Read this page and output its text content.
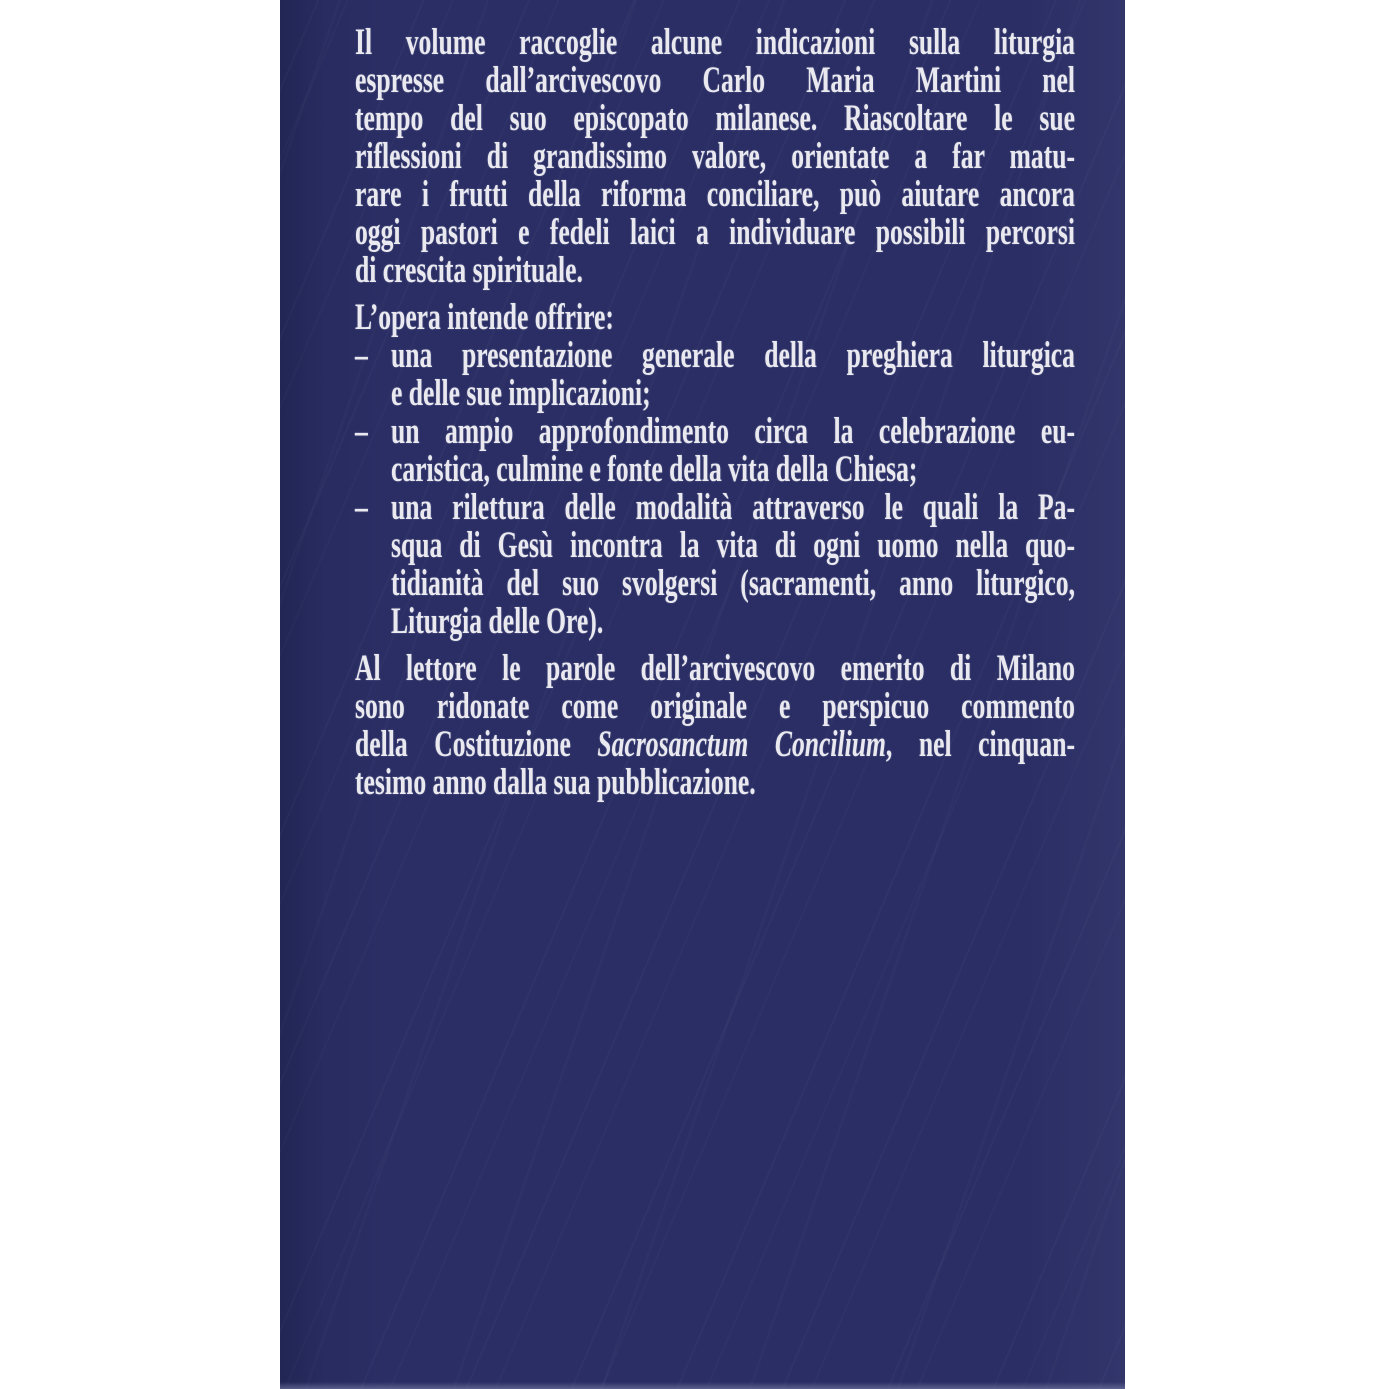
Il volume raccoglie alcune indicazioni sulla liturgia
espresse dall’arcivescovo Carlo Maria Martini nel
tempo del suo episcopato milanese. Riascoltare le sue
riflessioni di grandissimo valore, orientate a far matu-
rare i frutti della riforma conciliare, può aiutare ancora
oggi pastori e fedeli laici a individuare possibili percorsi
di crescita spirituale.
L’opera intende offrire:
– una presentazione generale della preghiera liturgica
e delle sue implicazioni;
– un ampio approfondimento circa la celebrazione eu-
caristica, culmine e fonte della vita della Chiesa;
– una rilettura delle modalità attraverso le quali la Pa-
squa di Gesù incontra la vita di ogni uomo nella quo-
tidianità del suo svolgersi (sacramenti, anno liturgico,
Liturgia delle Ore).
Al lettore le parole dell’arcivescovo emerito di Milano
sono ridonate come originale e perspicuo commento
della Costituzione Sacrosanctum Concilium, nel cinquan-
tesimo anno dalla sua pubblicazione.
